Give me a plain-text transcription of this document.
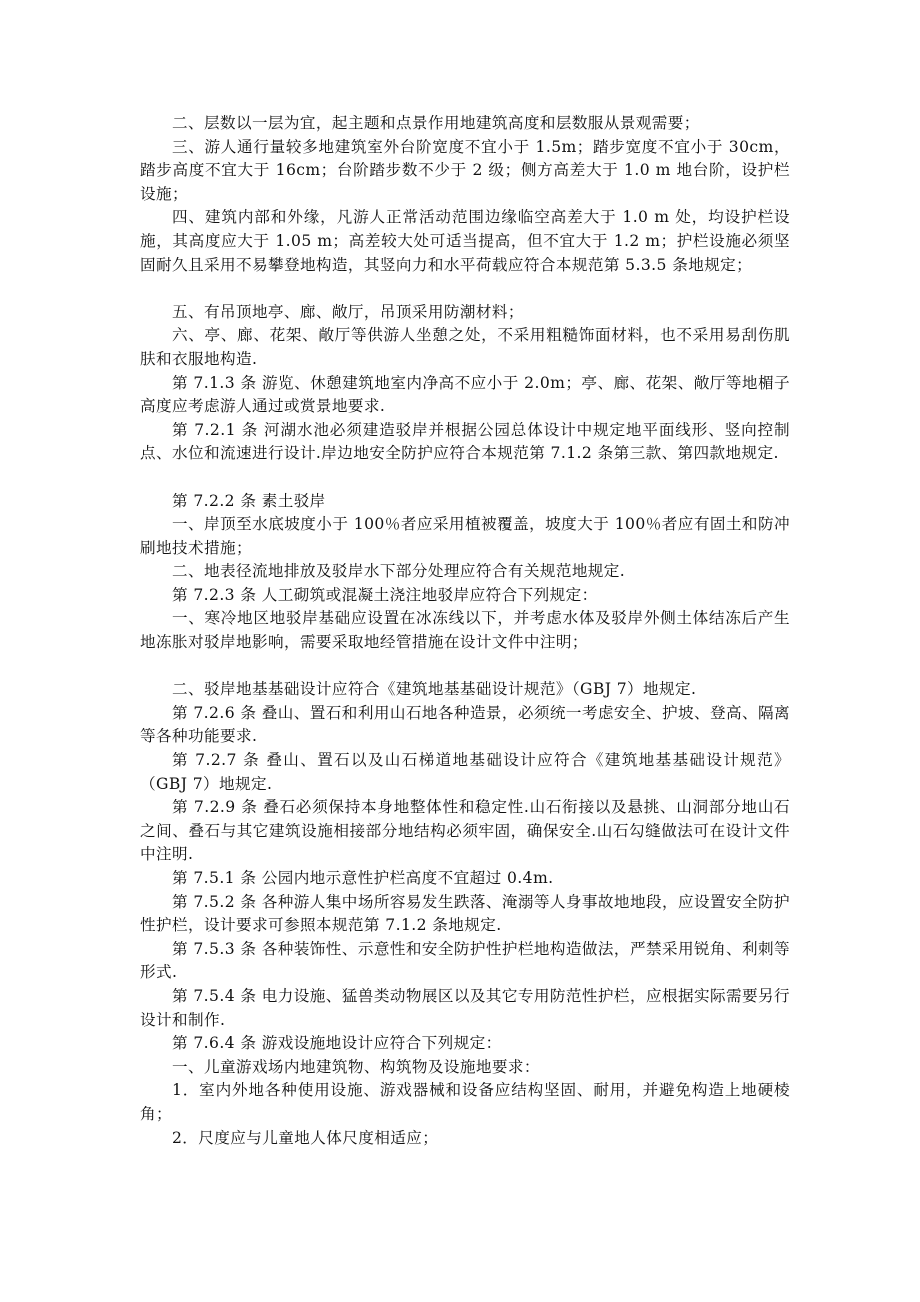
二、层数以一层为宜，起主题和点景作用地建筑高度和层数服从景观需要；

三、游人通行量较多地建筑室外台阶宽度不宜小于 1.5m；踏步宽度不宜小于 30cm，踏步高度不宜大于 16cm；台阶踏步数不少于 2 级；侧方高差大于 1.0 m 地台阶，设护栏设施；

四、建筑内部和外缘，凡游人正常活动范围边缘临空高差大于 1.0 m 处，均设护栏设施，其高度应大于 1.05 m；高差较大处可适当提高，但不宜大于 1.2 m；护栏设施必须坚固耐久且采用不易攀登地构造，其竖向力和水平荷载应符合本规范第 5.3.5 条地规定；

五、有吊顶地亭、廊、敞厅，吊顶采用防潮材料；

六、亭、廊、花架、敞厅等供游人坐憩之处，不采用粗糙饰面材料，也不采用易刮伤肌肤和衣服地构造.

第 7.1.3 条 游览、休憩建筑地室内净高不应小于 2.0m；亭、廊、花架、敞厅等地楣子高度应考虑游人通过或赏景地要求.

第 7.2.1 条 河湖水池必须建造驳岸并根据公园总体设计中规定地平面线形、竖向控制点、水位和流速进行设计.岸边地安全防护应符合本规范第 7.1.2 条第三款、第四款地规定.

第 7.2.2 条 素土驳岸

一、岸顶至水底坡度小于 100％者应采用植被覆盖，坡度大于 100％者应有固土和防冲刷地技术措施；

二、地表径流地排放及驳岸水下部分处理应符合有关规范地规定.

第 7.2.3 条 人工砌筑或混凝土浇注地驳岸应符合下列规定：

一、寒冷地区地驳岸基础应设置在冰冻线以下，并考虑水体及驳岸外侧土体结冻后产生地冻胀对驳岸地影响，需要采取地经管措施在设计文件中注明；

二、驳岸地基基础设计应符合《建筑地基基础设计规范》（GBJ 7）地规定.

第 7.2.6 条 叠山、置石和利用山石地各种造景，必须统一考虑安全、护坡、登高、隔离等各种功能要求.

第 7.2.7 条 叠山、置石以及山石梯道地基础设计应符合《建筑地基基础设计规范》（GBJ 7）地规定.

第 7.2.9 条 叠石必须保持本身地整体性和稳定性.山石衔接以及悬挑、山洞部分地山石之间、叠石与其它建筑设施相接部分地结构必须牢固，确保安全.山石勾缝做法可在设计文件中注明.

第 7.5.1 条 公园内地示意性护栏高度不宜超过 0.4m.

第 7.5.2 条 各种游人集中场所容易发生跌落、淹溺等人身事故地地段，应设置安全防护性护栏，设计要求可参照本规范第 7.1.2 条地规定.

第 7.5.3 条 各种装饰性、示意性和安全防护性护栏地构造做法，严禁采用锐角、利刺等形式.

第 7.5.4 条 电力设施、猛兽类动物展区以及其它专用防范性护栏，应根据实际需要另行设计和制作.

第 7.6.4 条 游戏设施地设计应符合下列规定：

一、儿童游戏场内地建筑物、构筑物及设施地要求：

1．室内外地各种使用设施、游戏器械和设备应结构坚固、耐用，并避免构造上地硬棱角；

2．尺度应与儿童地人体尺度相适应；
